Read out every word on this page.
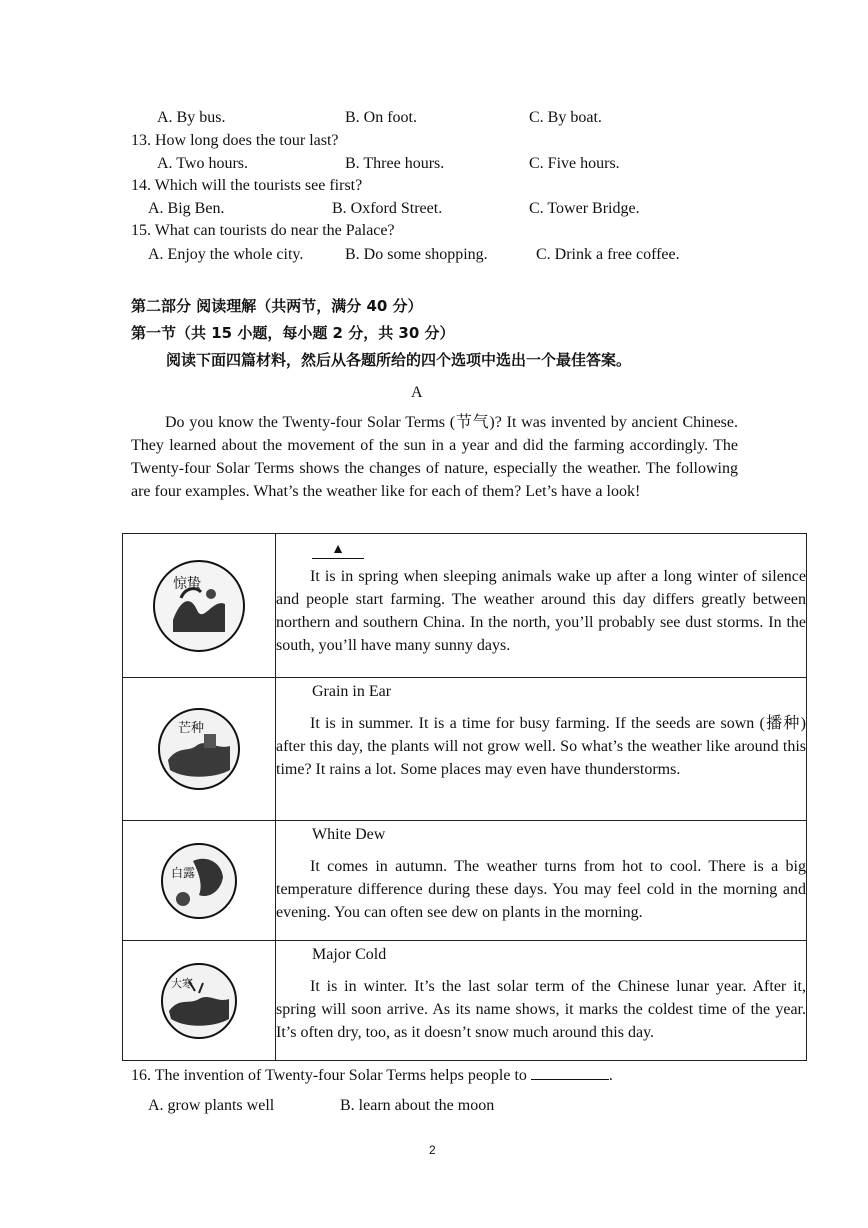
A. By bus.	B. On foot.	C. By boat.
13. How long does the tour last?
A. Two hours.	B. Three hours.	C. Five hours.
14. Which will the tourists see first?
A. Big Ben.	B. Oxford Street.	C. Tower Bridge.
15. What can tourists do near the Palace?
A. Enjoy the whole city.	B. Do some shopping.	C. Drink a free coffee.
第二部分 阅读理解（共两节，满分 40 分）
第一节（共 15 小题，每小题 2 分，共 30 分）
阅读下面四篇材料，然后从各题所给的四个选项中选出一个最佳答案。
A
Do you know the Twenty-four Solar Terms (节气)? It was invented by ancient Chinese. They learned about the movement of the sun in a year and did the farming accordingly. The Twenty-four Solar Terms shows the changes of nature, especially the weather. The following are four examples. What’s the weather like for each of them? Let’s have a look!
惊蛰	▲
It is in spring when sleeping animals wake up after a long winter of silence and people start farming. The weather around this day differs greatly between northern and southern China. In the north, you’ll probably see dust storms. In the south, you’ll have many sunny days.

芒种	Grain in Ear
It is in summer. It is a time for busy farming. If the seeds are sown (播种) after this day, the plants will not grow well. So what’s the weather like around this time? It rains a lot. Some places may even have thunderstorms.

白露	White Dew
It comes in autumn. The weather turns from hot to cool. There is a big temperature difference during these days. You may feel cold in the morning and evening. You can often see dew on plants in the morning.

大寒	Major Cold
It is in winter. It’s the last solar term of the Chinese lunar year. After it, spring will soon arrive. As its name shows, it marks the coldest time of the year. It’s often dry, too, as it doesn’t snow much around this day.
16. The invention of Twenty-four Solar Terms helps people to	.
A. grow plants well	B. learn about the moon
2
